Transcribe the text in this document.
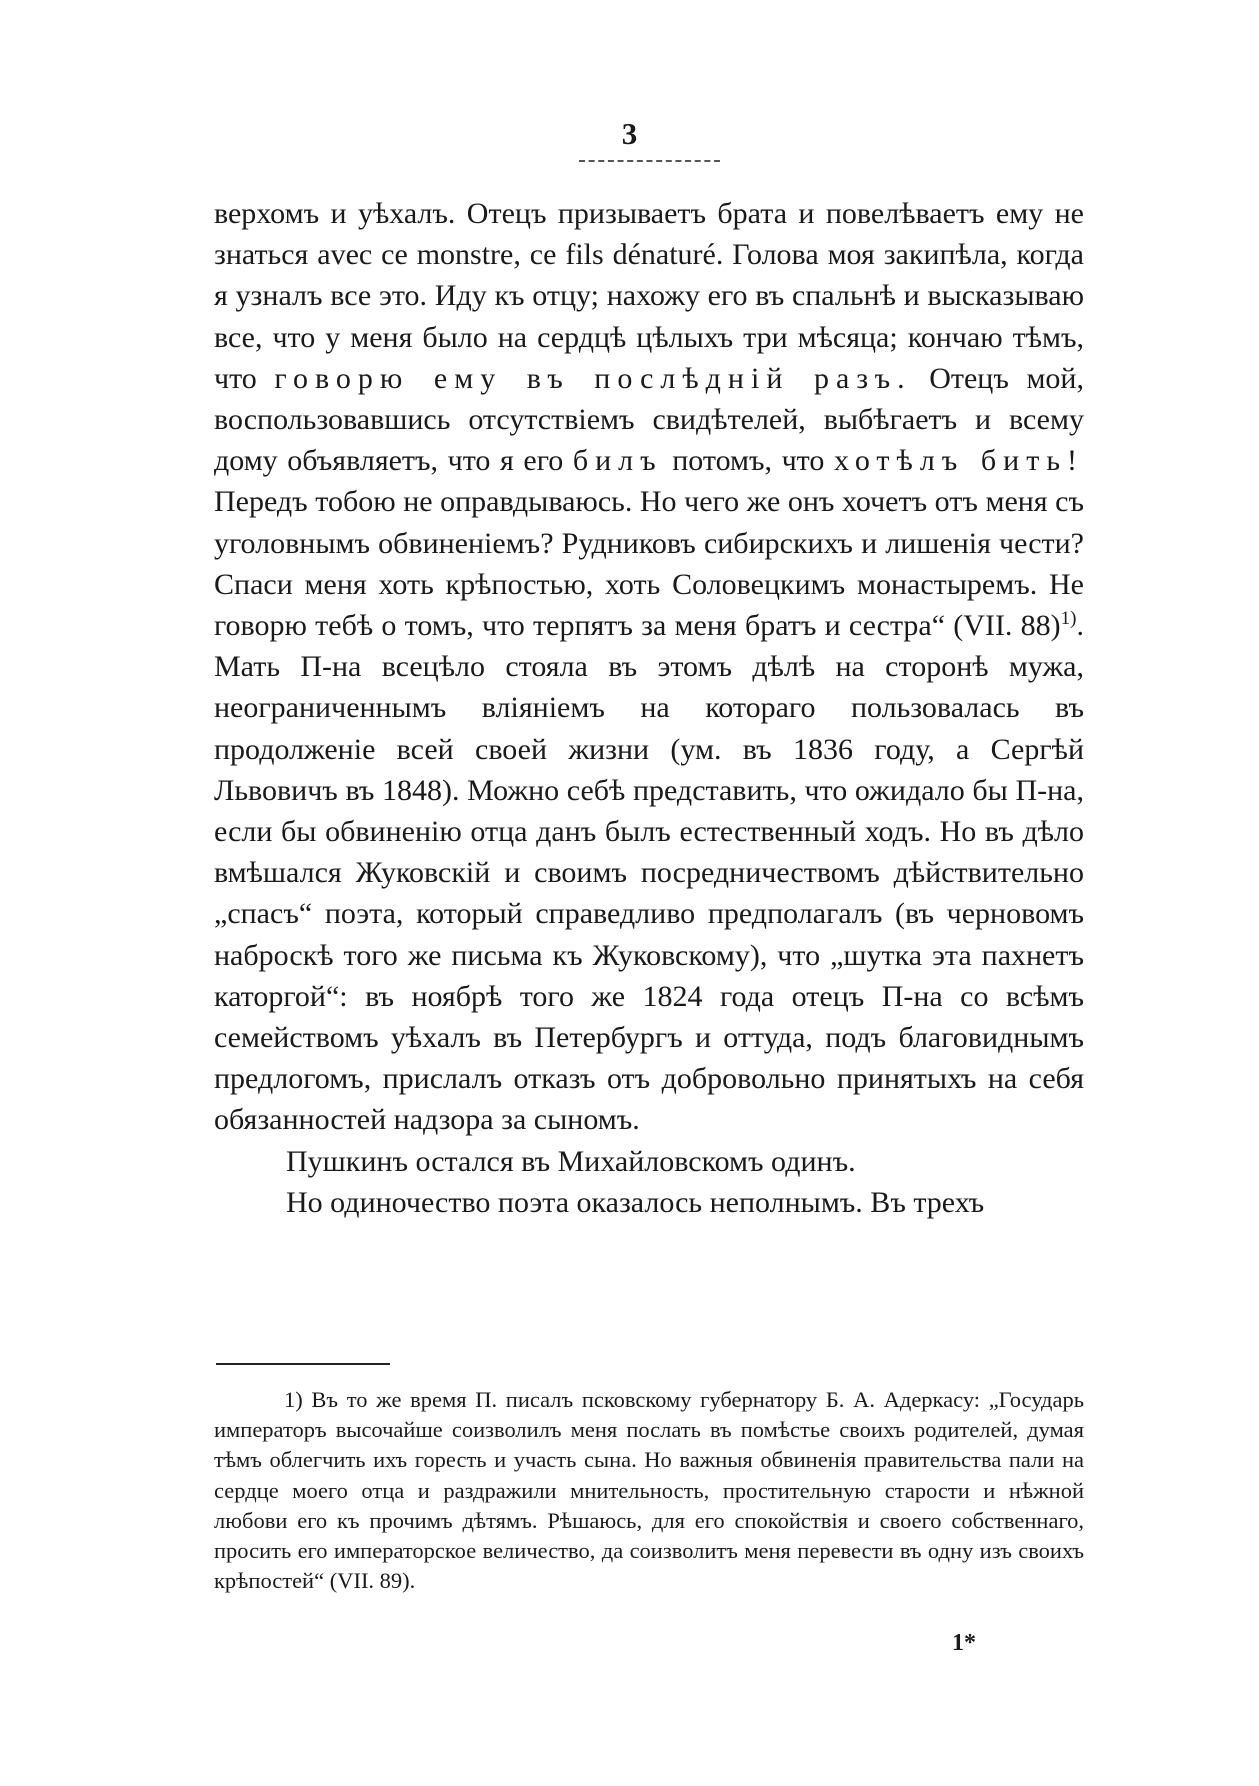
3

верхомъ и уѣхалъ. Отецъ призываетъ брата и повелѣваетъ ему не знаться avec ce monstre, ce fils dénaturé. Голова моя закипѣла, когда я узналъ все это. Иду къ отцу; нахожу его въ спальнѣ и высказываю все, что у меня было на сердцѣ цѣлыхъ три мѣсяца; кончаю тѣмъ, что говорю ему въ послѣдній разъ. Отецъ мой, воспользовавшись отсутствіемъ свидѣтелей, выбѣгаетъ и всему дому объявляетъ, что я его билъ потомъ, что хотѣлъ бить! Передъ тобою не оправдываюсь. Но чего же онъ хочетъ отъ меня съ уголовнымъ обвиненіемъ? Рудниковъ сибирскихъ и лишенія чести? Спаси меня хоть крѣпостью, хоть Соловецкимъ монастыремъ. Не говорю тебѣ о томъ, что терпятъ за меня братъ и сестра“ (VII. 88)$^{1)}$. Мать П-на всецѣло стояла въ этомъ дѣлѣ на сторонѣ мужа, неограниченнымъ вліяніемъ на котораго пользовалась въ продолженіе всей своей жизни (ум. въ 1836 году, а Сергѣй Львовичъ въ 1848). Можно себѣ представить, что ожидало бы П-на, если бы обвиненію отца данъ былъ естественный ходъ. Но въ дѣло вмѣшался Жуковскій и своимъ посредничествомъ дѣйствительно „спасъ“ поэта, который справедливо предполагалъ (въ черновомъ наброскѣ того же письма къ Жуковскому), что „шутка эта пахнетъ каторгой“: въ ноябрѣ того же 1824 года отецъ П-на со всѣмъ семействомъ уѣхалъ въ Петербургъ и оттуда, подъ благовиднымъ предлогомъ, прислалъ отказъ отъ добровольно принятыхъ на себя обязанностей надзора за сыномъ.

Пушкинъ остался въ Михайловскомъ одинъ.

Но одиночество поэта оказалось неполнымъ. Въ трехъ

1) Въ то же время П. писалъ псковскому губернатору Б. А. Адеркасу: „Государь императоръ высочайше соизволилъ меня послать въ помѣстье своихъ родителей, думая тѣмъ облегчить ихъ горесть и участь сына. Но важныя обвиненія правительства пали на сердце моего отца и раздражили мнительность, простительную старости и нѣжной любови его къ прочимъ дѣтямъ. Рѣшаюсь, для его спокойствія и своего собственнаго, просить его императорское величество, да соизволитъ меня перевести въ одну изъ своихъ крѣпостей“ (VII. 89).

1*
